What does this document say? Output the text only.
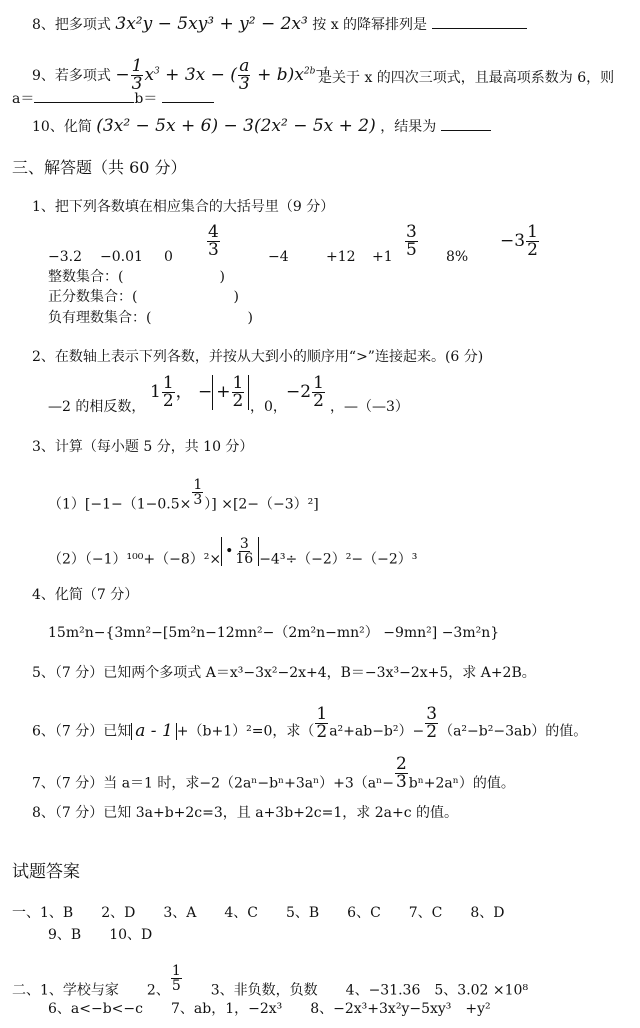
8、把多项式 3x²y − 5xy³ + y² − 2x³ 按 x 的降幂排列是
9、若多项式 − $\frac{1}{3} x^3 + 3x$ − ( $\frac{a}{3} + b)x^{2b-1}$
是关于 x 的四次三项式，且最高项系数为 6，则
a＝	b＝
10、化简 (3x² − 5x + 6) − 3(2x² − 5x + 2) ，结果为
三、解答题（共 60 分）
1、把下列各数填在相应集合的大括号里（9 分）
−3.2 −0.01 $0 \frac{4}{3}$	−4	$+12 +1 \frac{3}{5} 8\%$
$-3 \frac{1}{2}$
整数集合：(	)
正分数集合：(	)
负有理数集合：(	)
2、在数轴上表示下列各数，并按从大到小的顺序用“>”连接起来。(6 分)
—2 的相反数，
$1 \frac{1}{2}$ ， − + $\frac{1}{2}$ ，0，
$-2 \frac{1}{2}$ ，—（—3）
3、计算（每小题 5 分，共 10 分）
$(1)[-1-(1-0.5\times \frac{1}{3}$ ）] ×[2−（−3）²]
（2）（−1）¹⁰⁰+（−8）²× • $\frac{3}{16} -4^3\div(-2)^2-(-2)^3$
4、化简（7 分）
15m²n−{3mn²−[5m²n−12mn²−（2m²n−mn²） −9mn²] −3m²n}
5、（7 分）已知两个多项式 A＝x³−3x²−2x+4，B＝−3x³−2x+5，求 A+2B。
6、（7 分）已知 a - 1 +（b+1）²=0，求（ $\frac{1}{2} a^2+ab-b^2)- \frac{3}{2} (a^2-b^2-3ab)$的值。
7、（7 分）当 a＝1 时，求$-2(2a^n-b^n+3a^n)+3(a^n- \frac{2}{3} b^n+2a^n)$的值。
8、（7 分）已知 3a+b+2c=3，且 a+3b+2c=1，求 2a+c 的值。
试题答案
一、1、B　　2、D　　3、A　　4、C　　5、B　　6、C　　7、C　　8、D
9、B　　10、D
二、1、学校与家　　2、 $\frac{1}{5}$ 　　3、非负数，负数　　4、−31.36　5、3.02 ×10⁸
6、a<−b<−c　　7、ab，1，−2x³　　8、−2x³+3x²y−5xy³　+y²
